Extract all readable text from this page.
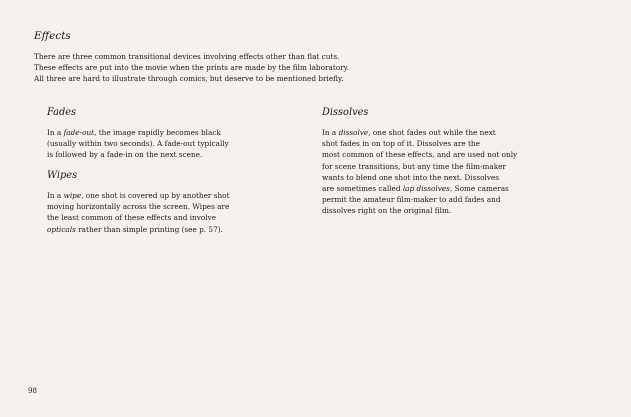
Effects

There are three common transitional devices involving effects other than flat cuts.
These effects are put into the movie when the prints are made by the film laboratory.
All three are hard to illustrate through comics, but deserve to be mentioned briefly.

Fades

In a fade-out, the image rapidly becomes black
(usually within two seconds). A fade-out typically
is followed by a fade-in on the next scene.

Wipes

In a wipe, one shot is covered up by another shot
moving horizontally across the screen. Wipes are
the least common of these effects and involve
opticals rather than simple printing (see p. 57).

Dissolves

In a dissolve, one shot fades out while the next
shot fades in on top of it. Dissolves are the
most common of these effects, and are used not only
for scene transitions, but any time the film-maker
wants to blend one shot into the next. Dissolves
are sometimes called lap dissolves. Some cameras
permit the amateur film-maker to add fades and
dissolves right on the original film.

98
